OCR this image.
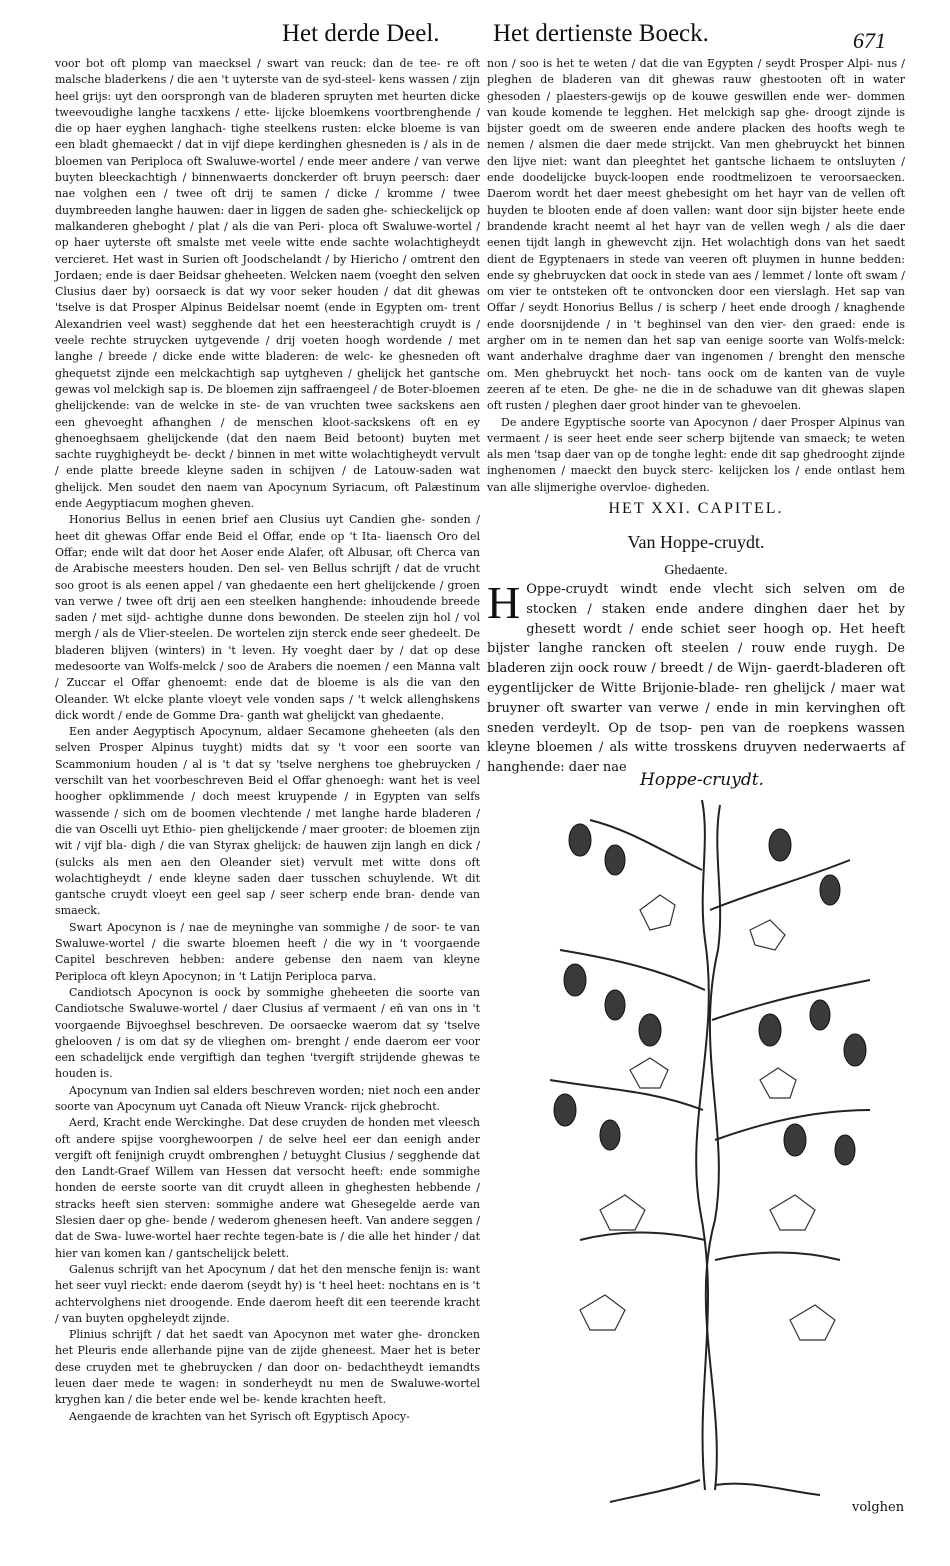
Het derde Deel. Het dertienste Boeck.	671

voor bot oft plomp van maecksel / swart van reuck: dan de tee- re oft malsche bladerkens / die aen 't uyterste van de syd-steel- kens wassen / zijn heel grijs: uyt den oorsprongh van de bladeren spruyten met heurten dicke tweevoudighe langhe tacxkens / ette- lijcke bloemkens voortbrenghende / die op haer eyghen langhach- tighe steelkens rusten: elcke bloeme is van een bladt ghemaeckt / dat in vijf diepe kerdinghen ghesneden is / als in de bloemen van Periploca oft Swaluwe-wortel / ende meer andere / van verwe buyten bleeckachtigh / binnenwaerts donckerder oft bruyn peersch: daer nae volghen een / twee oft drij te samen / dicke / kromme / twee duymbreeden langhe hauwen: daer in liggen de saden ghe- schieckelijck op malkanderen gheboght / plat / als die van Peri- ploca oft Swaluwe-wortel / op haer uyterste oft smalste met veele witte ende sachte wolachtigheydt vercieret. Het wast in Surien oft Joodschelandt / by Hiericho / omtrent den Jordaen; ende is daer Beidsar gheheeten. Welcken naem (voeght den selven Clusius daer by) oorsaeck is dat wy voor seker houden / dat dit ghewas 'tselve is dat Prosper Alpinus Beidelsar noemt (ende in Egypten om- trent Alexandrien veel wast) segghende dat het een heesterachtigh cruydt is / veele rechte struycken uytgevende / drij voeten hoogh wordende / met langhe / breede / dicke ende witte bladeren: de welc- ke ghesneden oft ghequetst zijnde een melckachtigh sap uytgheven / ghelijck het gantsche gewas vol melckigh sap is. De bloemen zijn saffraengeel / de Boter-bloemen ghelijckende: van de welcke in ste- de van vruchten twee sackskens aen een ghevoeght afhanghen / de menschen kloot-sackskens oft en ey ghenoeghsaem ghelijckende (dat den naem Beid betoont) buyten met sachte ruyghigheydt be- deckt / binnen in met witte wolachtigheydt vervult / ende platte breede kleyne saden in schijven / de Latouw-saden wat ghelijck. Men soudet den naem van Apocynum Syriacum, oft Palæstinum ende Aegyptiacum moghen gheven.

Honorius Bellus in eenen brief aen Clusius uyt Candien ghe- sonden / heet dit ghewas Offar ende Beid el Offar, ende op 't Ita- liaensch Oro del Offar; ende wilt dat door het Aoser ende Alafer, oft Albusar, oft Cherca van de Arabische meesters houden. Den sel- ven Bellus schrijft / dat de vrucht soo groot is als eenen appel / van ghedaente een hert ghelijckende / groen van verwe / twee oft drij aen een steelken hanghende: inhoudende breede saden / met sijd- achtighe dunne dons bewonden. De steelen zijn hol / vol mergh / als de Vlier-steelen. De wortelen zijn sterck ende seer ghedeelt. De bladeren blijven (winters) in 't leven. Hy voeght daer by / dat op dese medesoorte van Wolfs-melck / soo de Arabers die noemen / een Manna valt / Zuccar el Offar ghenoemt: ende dat de bloeme is als die van den Oleander. Wt elcke plante vloeyt vele vonden saps / 't welck allenghskens dick wordt / ende de Gomme Dra- ganth wat ghelijckt van ghedaente.

Een ander Aegyptisch Apocynum, aldaer Secamone gheheeten (als den selven Prosper Alpinus tuyght) midts dat sy 't voor een soorte van Scammonium houden / al is 't dat sy 'tselve nerghens toe ghebruycken / verschilt van het voorbeschreven Beid el Offar ghenoegh: want het is veel hoogher opklimmende / doch meest kruypende / in Egypten van selfs wassende / sich om de boomen vlechtende / met langhe harde bladeren / die van Oscelli uyt Ethio- pien ghelijckende / maer grooter: de bloemen zijn wit / vijf bla- digh / die van Styrax ghelijck: de hauwen zijn langh en dick / (sulcks als men aen den Oleander siet) vervult met witte dons oft wolachtigheydt / ende kleyne saden daer tusschen schuylende. Wt dit gantsche cruydt vloeyt een geel sap / seer scherp ende bran- dende van smaeck.

Swart Apocynon is / nae de meyninghe van sommighe / de soor- te van Swaluwe-wortel / die swarte bloemen heeft / die wy in 't voorgaende Capitel beschreven hebben: andere gebense den naem van kleyne Periploca oft kleyn Apocynon; in 't Latijn Periploca parva.

Candiotsch Apocynon is oock by sommighe gheheeten die soorte van Candiotsche Swaluwe-wortel / daer Clusius af vermaent / eñ van ons in 't voorgaende Bijvoeghsel beschreven. De oorsaecke waerom dat sy 'tselve ghelooven / is om dat sy de vlieghen om- brenght / ende daerom eer voor een schadelijck ende vergiftigh dan teghen 'tvergift strijdende ghewas te houden is.

Apocynum van Indien sal elders beschreven worden; niet noch een ander soorte van Apocynum uyt Canada oft Nieuw Vranck- rijck ghebrocht.

Aerd, Kracht ende Werckinghe. Dat dese cruyden de honden met vleesch oft andere spijse voorghewoorpen / de selve heel eer dan eenigh ander vergift oft fenijnigh cruydt ombrenghen / betuyght Clusius / segghende dat den Landt-Graef Willem van Hessen dat versocht heeft: ende sommighe honden de eerste soorte van dit cruydt alleen in gheghesten hebbende / stracks heeft sien sterven: sommighe andere wat Ghesegelde aerde van Slesien daer op ghe- bende / wederom ghenesen heeft. Van andere seggen / dat de Swa- luwe-wortel haer rechte tegen-bate is / die alle het hinder / dat hier van komen kan / gantschelijck belett.

Galenus schrijft van het Apocynum / dat het den mensche fenijn is: want het seer vuyl rieckt: ende daerom (seydt hy) is 't heel heet: nochtans en is 't achtervolghens niet droogende. Ende daerom heeft dit een teerende kracht / van buyten opgheleydt zijnde.

Plinius schrijft / dat het saedt van Apocynon met water ghe- droncken het Pleuris ende allerhande pijne van de zijde gheneest. Maer het is beter dese cruyden met te ghebruycken / dan door on- bedachtheydt iemandts leuen daer mede te wagen: in sonderheydt nu men de Swaluwe-wortel kryghen kan / die beter ende wel be- kende krachten heeft.

Aengaende de krachten van het Syrisch oft Egyptisch Apocy-

non / soo is het te weten / dat die van Egypten / seydt Prosper Alpi- nus / pleghen de bladeren van dit ghewas rauw ghestooten oft in water ghesoden / plaesters-gewijs op de kouwe geswillen ende wer- dommen van koude komende te legghen. Het melckigh sap ghe- droogt zijnde is bijster goedt om de sweeren ende andere placken des hoofts wegh te nemen / alsmen die daer mede strijckt. Van men ghebruyckt het binnen den lijve niet: want dan pleeghtet het gantsche lichaem te ontsluyten / ende doodelijcke buyck-loopen ende roodtmelizoen te veroorsaecken. Daerom wordt het daer meest ghebesight om het hayr van de vellen oft huyden te blooten ende af doen vallen: want door sijn bijster heete ende brandende kracht neemt al het hayr van de vellen wegh / als die daer eenen tijdt langh in ghewevcht zijn. Het wolachtigh dons van het saedt dient de Egyptenaers in stede van veeren oft pluymen in hunne bedden: ende sy ghebruycken dat oock in stede van aes / lemmet / lonte oft swam / om vier te ontsteken oft te ontvoncken door een vierslagh. Het sap van Offar / seydt Honorius Bellus / is scherp / heet ende droogh / knaghende ende doorsnijdende / in 't beghinsel van den vier- den graed: ende is argher om in te nemen dan het sap van eenige soorte van Wolfs-melck: want anderhalve draghme daer van ingenomen / brenght den mensche om. Men ghebruyckt het noch- tans oock om de kanten van de vuyle zeeren af te eten. De ghe- ne die in de schaduwe van dit ghewas slapen oft rusten / pleghen daer groot hinder van te ghevoelen.

De andere Egyptische soorte van Apocynon / daer Prosper Alpinus van vermaent / is seer heet ende seer scherp bijtende van smaeck; te weten als men 'tsap daer van op de tonghe leght: ende dit sap ghedrooght zijnde inghenomen / maeckt den buyck sterc- kelijcken los / ende ontlast hem van alle slijmerighe overvloe- digheden.

HET XXI. CAPITEL.
Van Hoppe-cruydt.
Ghedaente.
H Oppe-cruydt windt ende vlecht sich selven om de stocken / staken ende andere dinghen daer het by ghesett wordt / ende schiet seer hoogh op. Het heeft bijster langhe rancken oft steelen / rouw ende ruygh. De bladeren zijn oock rouw / breedt / de Wijn- gaerdt-bladeren oft eygentlijcker de Witte Brijonie-blade- ren ghelijck / maer wat bruyner oft swarter van verwe / ende in min kervinghen oft sneden verdeylt. Op de tsop- pen van de roepkens wassen kleyne bloemen / als witte trosskens druyven nederwaerts af hanghende: daer nae
Hoppe-cruydt.
volghen
